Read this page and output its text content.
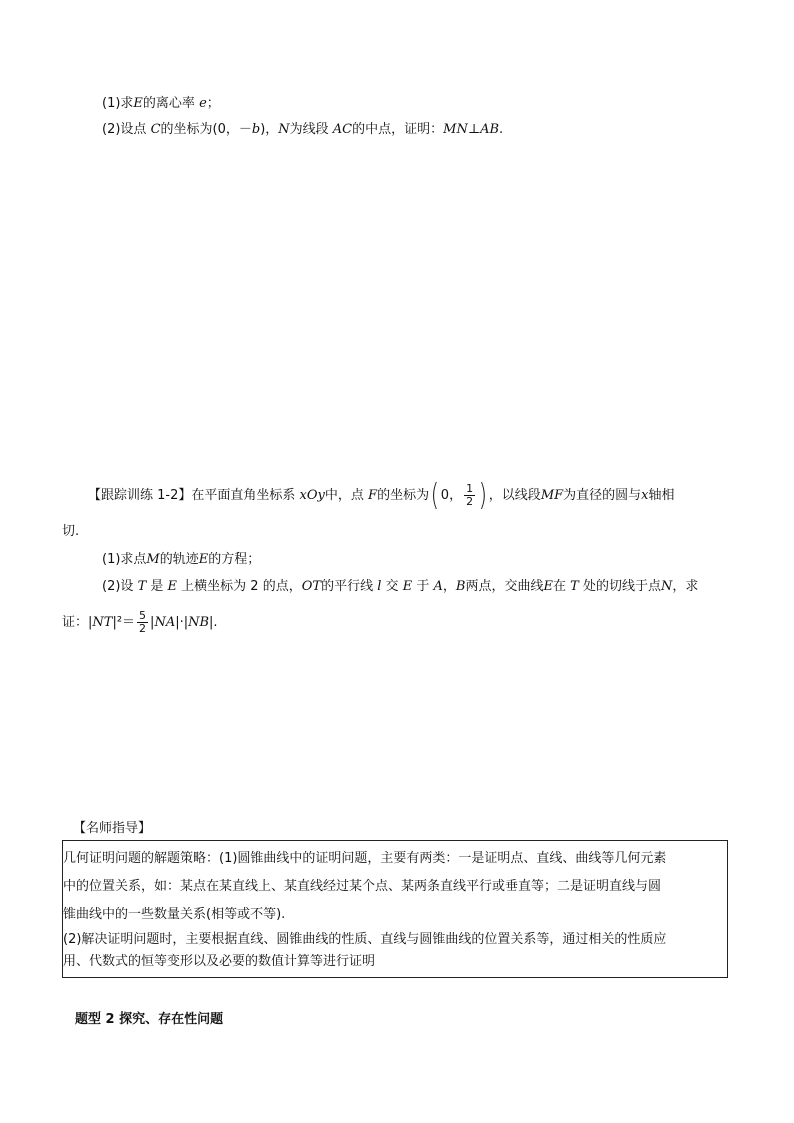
(1)求E的离心率 e；
(2)设点 C的坐标为(0，－b)，N为线段 AC的中点，证明：MN⊥AB.
【跟踪训练 1-2】在平面直角坐标系 xOy中，点 F的坐标为( 0， $\frac{1}{2}$ ) ，以线段MF为直径的圆与x轴相
切.
(1)求点M的轨迹E的方程；
(2)设 T 是 E 上横坐标为 2 的点，OT的平行线 l 交 E 于 A，B两点，交曲线E在 T 处的切线于点N，求
证：$|NT|^2= \frac{5}{2} |NA|\cdot|NB|$.
【名师指导】

几何证明问题的解题策略：(1)圆锥曲线中的证明问题，主要有两类：一是证明点、直线、曲线等几何元素

中的位置关系，如：某点在某直线上、某直线经过某个点、某两条直线平行或垂直等；二是证明直线与圆

锥曲线中的一些数量关系(相等或不等).

(2)解决证明问题时，主要根据直线、圆锥曲线的性质、直线与圆锥曲线的位置关系等，通过相关的性质应

用、代数式的恒等变形以及必要的数值计算等进行证明

题型 2 探究、存在性问题
